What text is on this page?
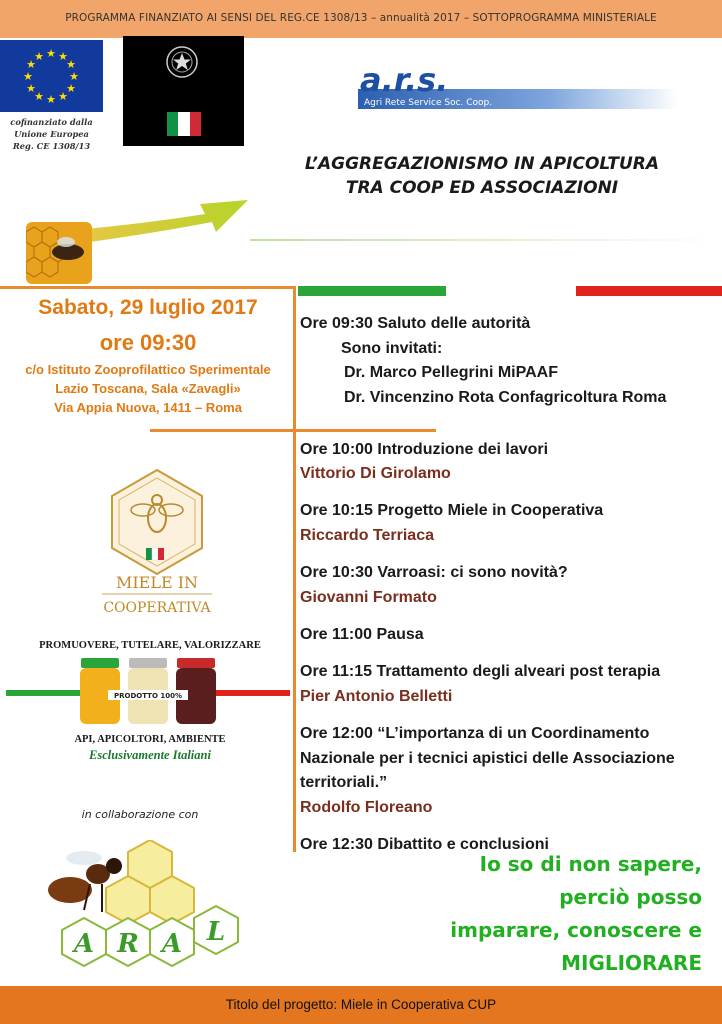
PROGRAMMA FINANZIATO AI SENSI DEL REG.CE 1308/13 – annualità 2017 – SOTTOPROGRAMMA MINISTERIALE
★ ★
★
★
★
★
★
★
★
★
★
★
cofinanziato dalla
Unione Europea
Reg. CE 1308/13
a.r.s.
Agri Rete Service Soc. Coop.
L’AGGREGAZIONISMO IN APICOLTURA
TRA COOP ED ASSOCIAZIONI
Sabato, 29 luglio 2017
ore 09:30
c/o Istituto Zooprofilattico Sperimentale
Lazio Toscana, Sala «Zavagli»
Via Appia Nuova, 1411 – Roma
Ore 09:30 Saluto delle autorità
Sono invitati:
Dr. Marco Pellegrini MiPAAF
Dr. Vincenzino Rota Confagricoltura Roma
Ore 10:00 Introduzione dei lavori
Vittorio Di Girolamo
Ore 10:15 Progetto Miele in Cooperativa
Riccardo Terriaca
Ore 10:30 Varroasi: ci sono novità?
Giovanni Formato
Ore 11:00 Pausa
Ore 11:15 Trattamento degli alveari post terapia
Pier Antonio Belletti
Ore 12:00 “L’importanza di un Coordinamento
Nazionale per i tecnici apistici delle Associazione
territoriali.”
Rodolfo Floreano
Ore 12:30 Dibattito e conclusioni
MIELE IN
COOPERATIVA
PROMUOVERE, TUTELARE, VALORIZZARE
PRODOTTO 100%
API, APICOLTORI, AMBIENTE
Esclusivamente Italiani
in collaborazione con
A R A L
Io so di non sapere,
perciò posso
imparare, conoscere e
MIGLIORARE
Titolo del progetto: Miele in Cooperativa CUP
